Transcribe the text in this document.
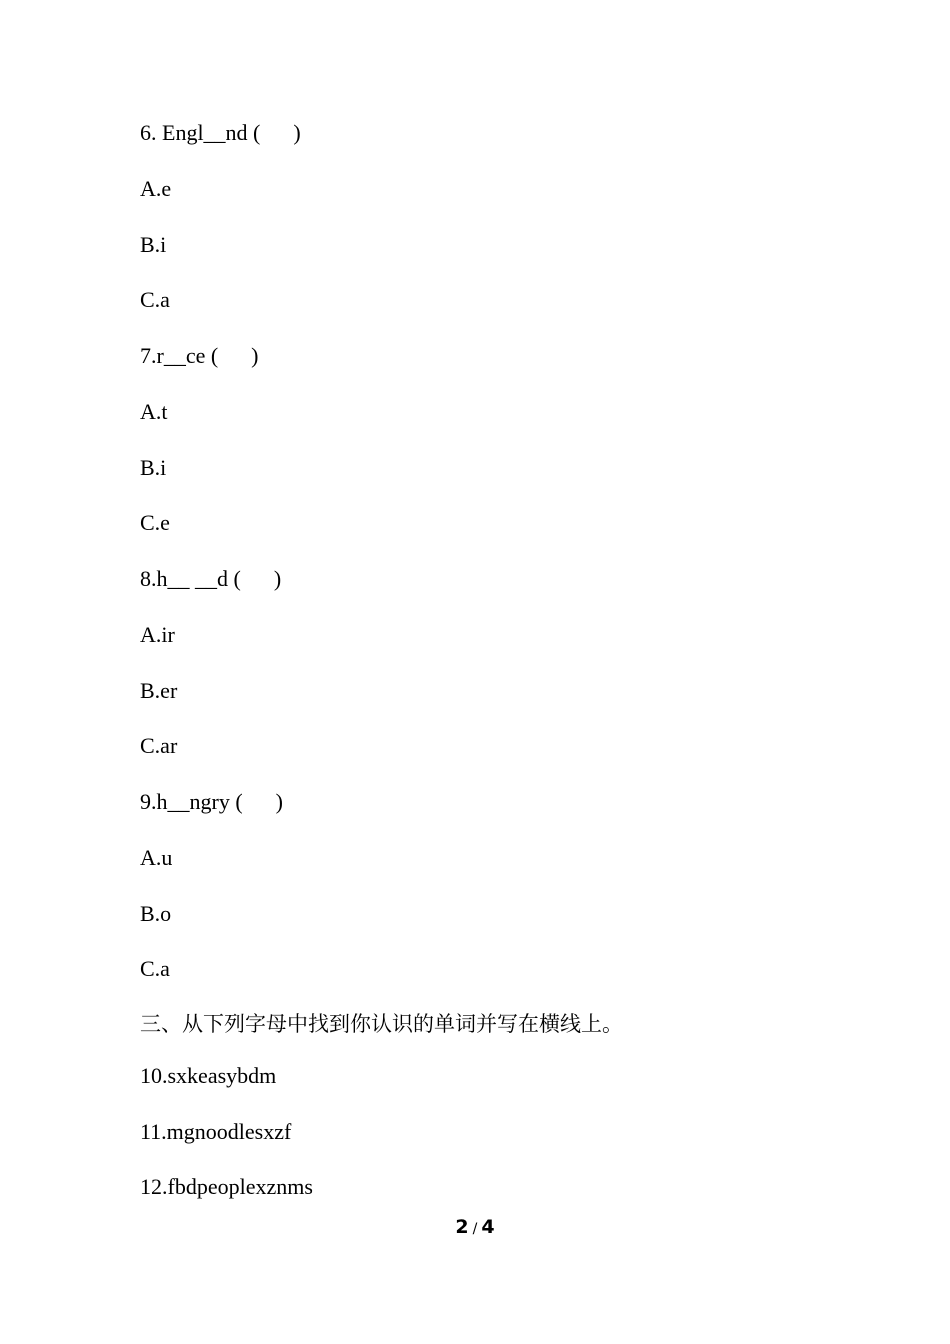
6. Engl__nd (      )
A.e
B.i
C.a
7.r__ce (      )
A.t
B.i
C.e
8.h__ __d (      )
A.ir
B.er
C.ar
9.h__ngry (      )
A.u
B.o
C.a
三、从下列字母中找到你认识的单词并写在横线上。
10.sxkeasybdm
11.mgnoodlesxzf
12.fbdpeoplexznms
2 / 4
